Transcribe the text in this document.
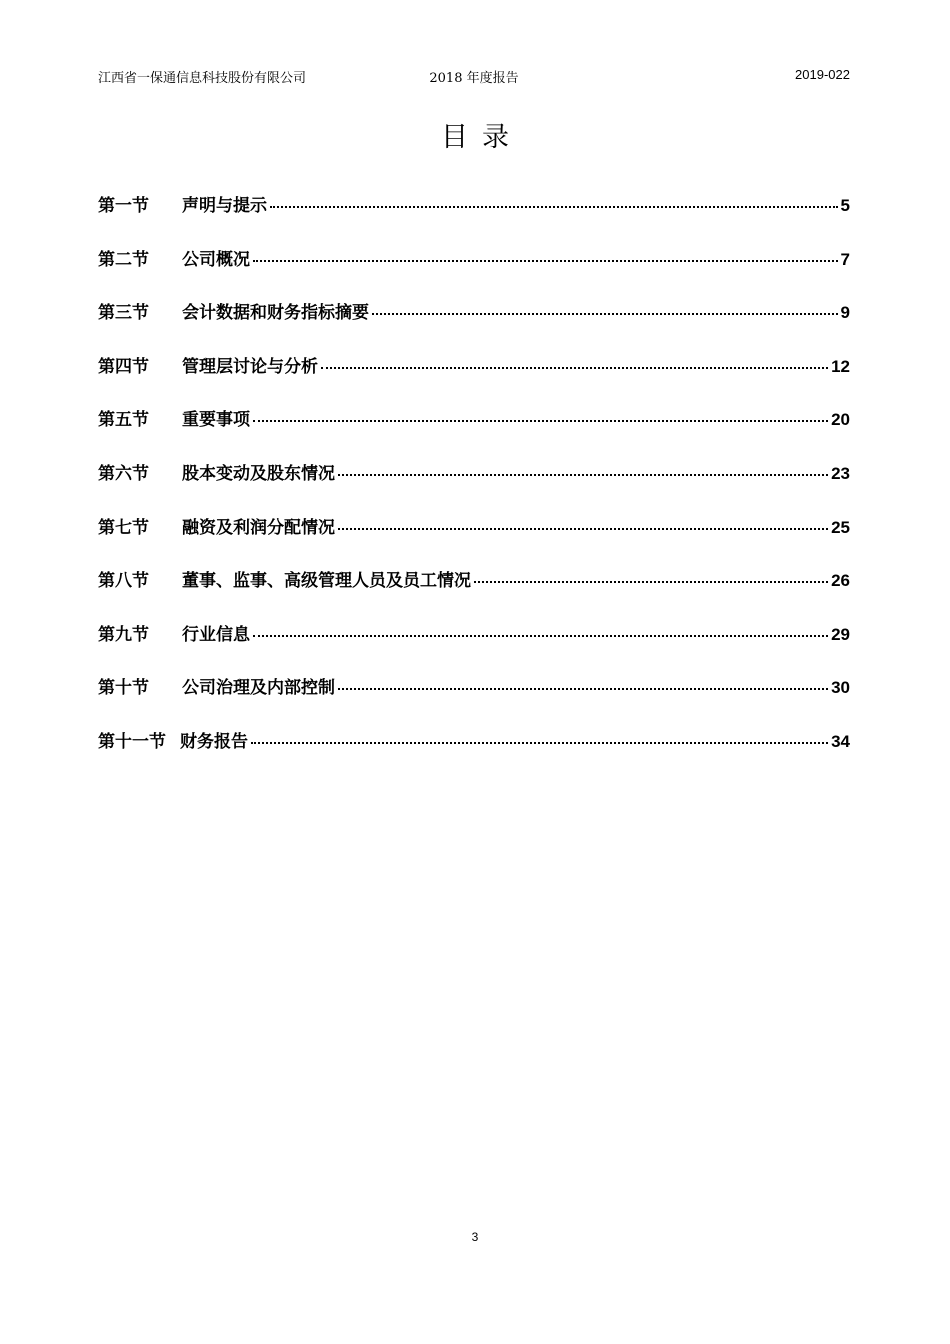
江西省一保通信息科技股份有限公司	2018 年度报告	2019-022
目录
第一节	声明与提示	5
第二节	公司概况	7
第三节	会计数据和财务指标摘要	9
第四节	管理层讨论与分析	12
第五节	重要事项	20
第六节	股本变动及股东情况	23
第七节	融资及利润分配情况	25
第八节	董事、监事、高级管理人员及员工情况	26
第九节	行业信息	29
第十节	公司治理及内部控制	30
第十一节 财务报告	34
3
